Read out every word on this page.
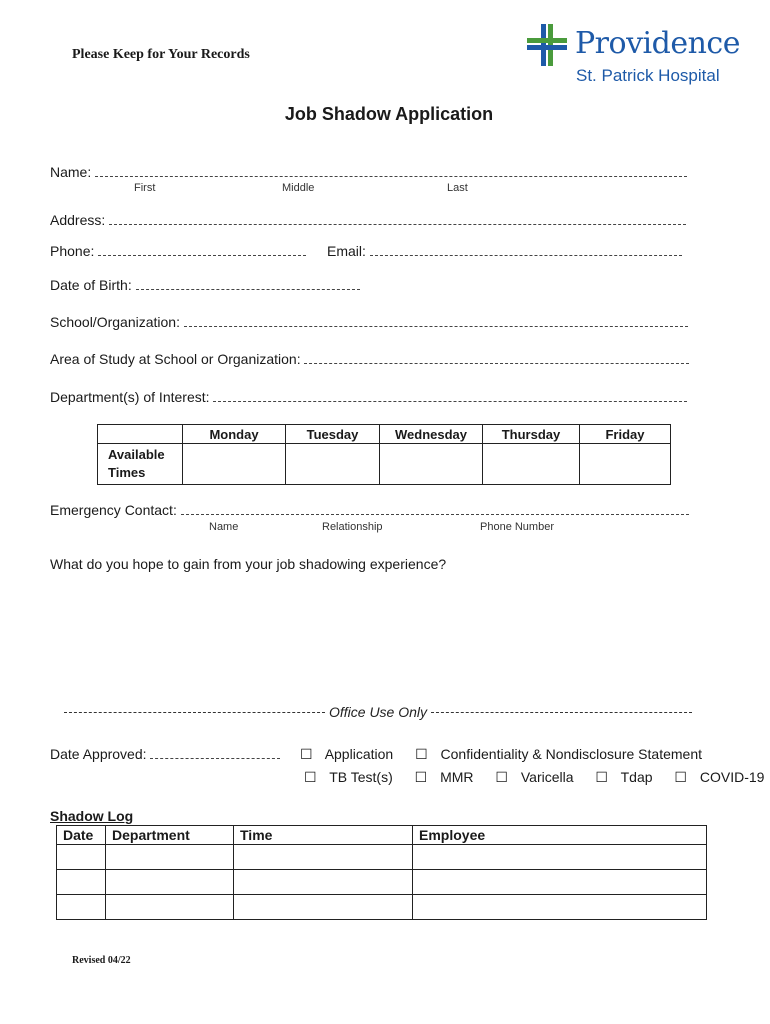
Please Keep for Your Records	Providence
St. Patrick Hospital
Job Shadow Application
Name:
First	Middle	Last
Address:
Phone:	Email:
Date of Birth:
School/Organization:
Area of Study at School or Organization:
Department(s) of Interest:
	Monday	Tuesday	Wednesday	Thursday	Friday

Available
Times					

Emergency Contact:
Name	Relationship	Phone Number
What do you hope to gain from your job shadowing experience?
Office Use Only
Date Approved:	☐ Application ☐ Confidentiality & Nondisclosure Statement
☐ TB Test(s) ☐ MMR ☐ Varicella ☐ Tdap ☐ COVID-19
Shadow Log
Date	Department	Time	Employee

Revised 04/22
